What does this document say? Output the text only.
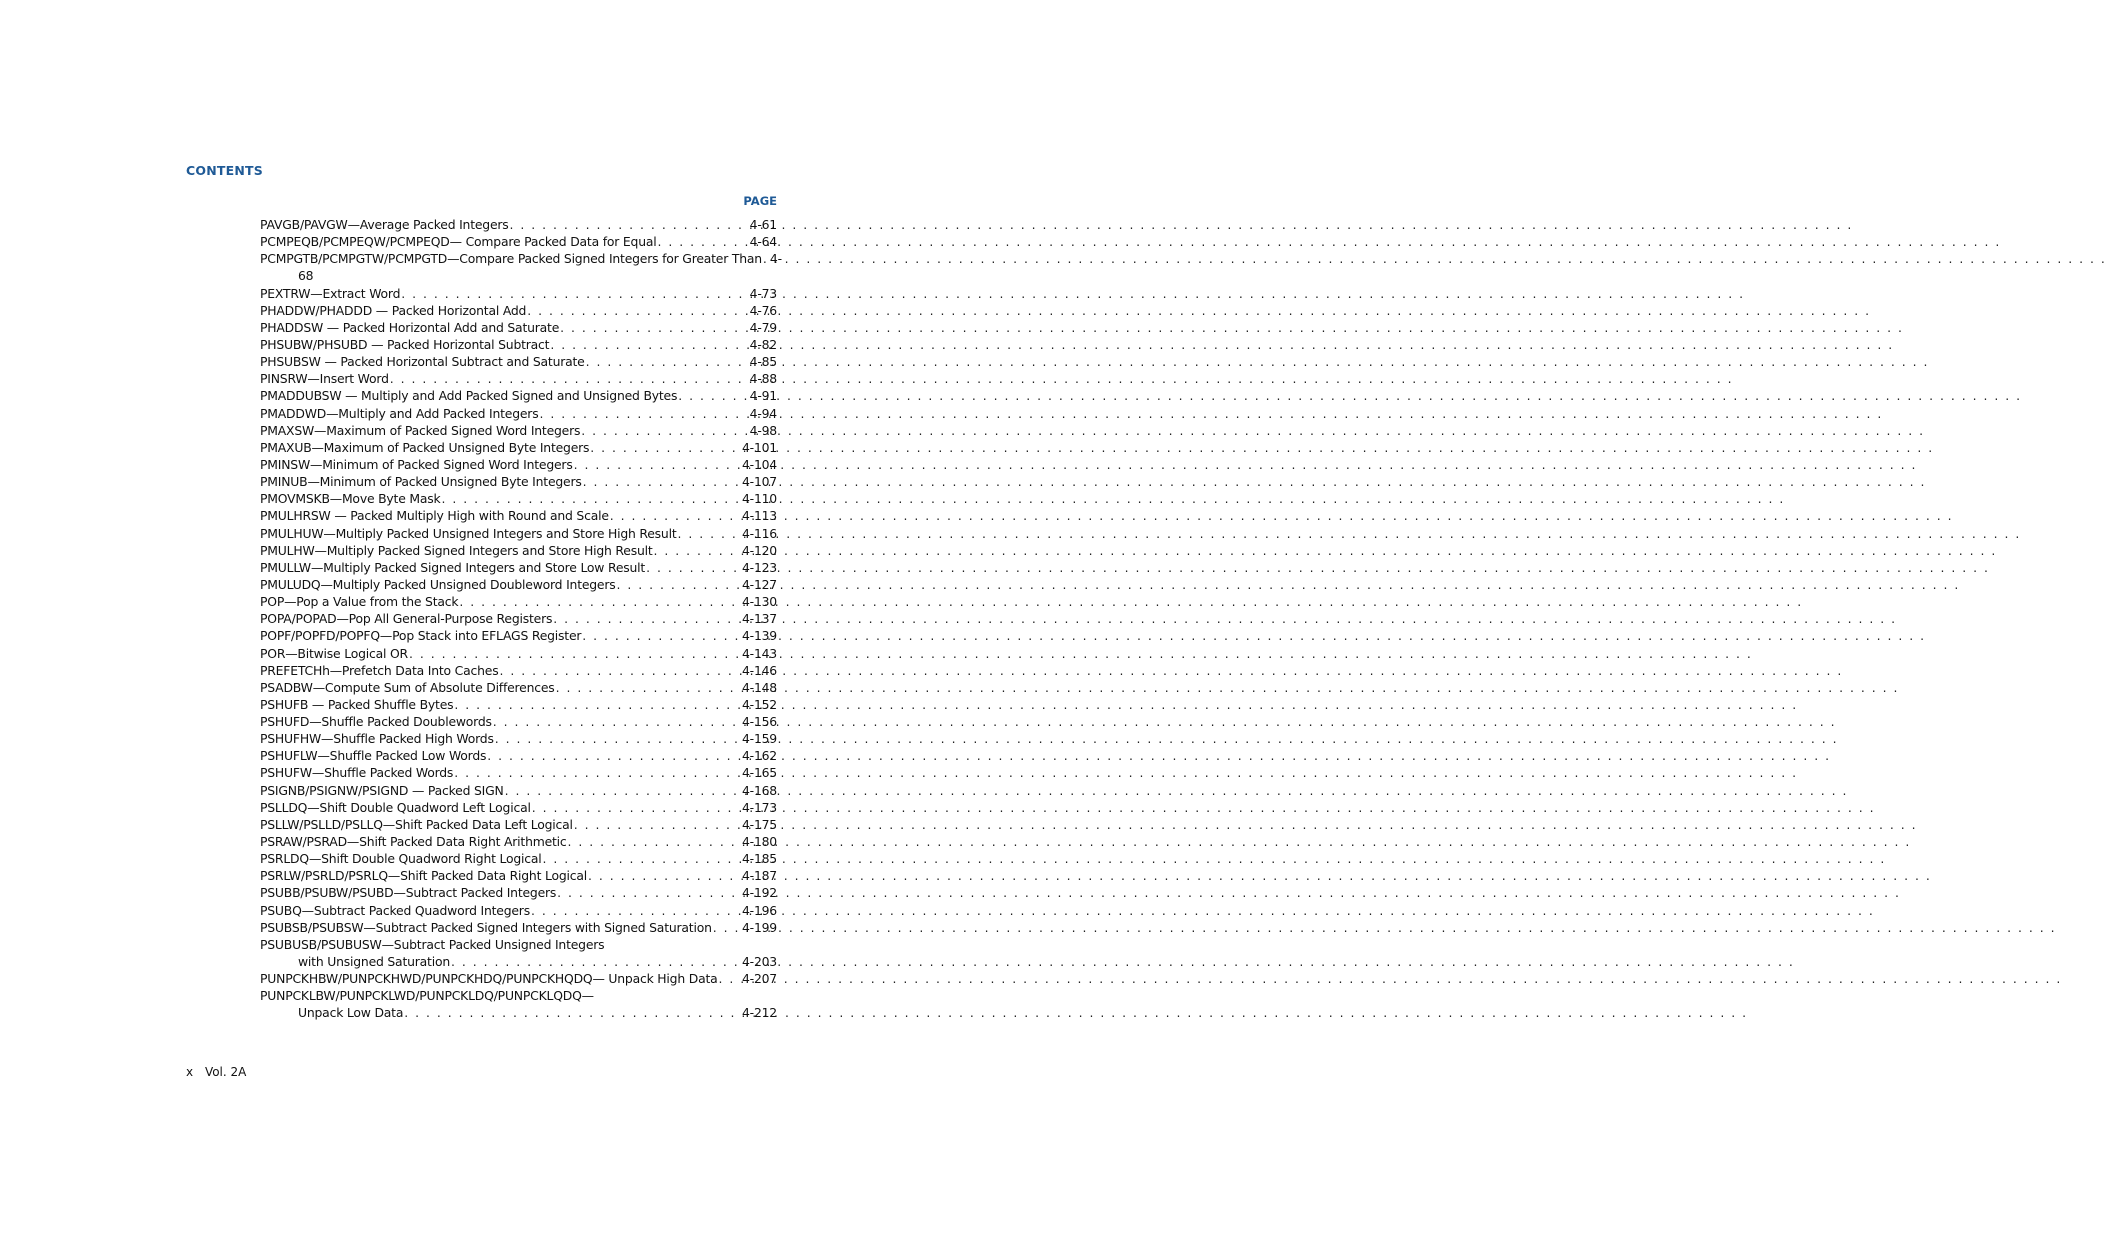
CONTENTS
PAGE
PAVGB/PAVGW—Average Packed Integers . . .	4-61
PCMPEQB/PCMPEQW/PCMPEQD— Compare Packed Data for Equal . . .	4-64
PCMPGTB/PCMPGTW/PCMPGTD—Compare Packed Signed Integers for Greater Than . . . 4-
68
PEXTRW—Extract Word . . .	4-73
PHADDW/PHADDD — Packed Horizontal Add . . .	4-76
PHADDSW — Packed Horizontal Add and Saturate . . .	4-79
PHSUBW/PHSUBD — Packed Horizontal Subtract . . .	4-82
PHSUBSW — Packed Horizontal Subtract and Saturate . . .	4-85
PINSRW—Insert Word . . .	4-88
PMADDUBSW — Multiply and Add Packed Signed and Unsigned Bytes . . .	4-91
PMADDWD—Multiply and Add Packed Integers . . .	4-94
PMAXSW—Maximum of Packed Signed Word Integers . . .	4-98
PMAXUB—Maximum of Packed Unsigned Byte Integers . . .	4-101
PMINSW—Minimum of Packed Signed Word Integers . . .	4-104
PMINUB—Minimum of Packed Unsigned Byte Integers . . .	4-107
PMOVMSKB—Move Byte Mask . . .	4-110
PMULHRSW — Packed Multiply High with Round and Scale . . .	4-113
PMULHUW—Multiply Packed Unsigned Integers and Store High Result . . .	4-116
PMULHW—Multiply Packed Signed Integers and Store High Result . . .	4-120
PMULLW—Multiply Packed Signed Integers and Store Low Result . . .	4-123
PMULUDQ—Multiply Packed Unsigned Doubleword Integers . . .	4-127
POP—Pop a Value from the Stack . . .	4-130
POPA/POPAD—Pop All General-Purpose Registers . . .	4-137
POPF/POPFD/POPFQ—Pop Stack into EFLAGS Register . . .	4-139
POR—Bitwise Logical OR . . .	4-143
PREFETCHh—Prefetch Data Into Caches . . .	4-146
PSADBW—Compute Sum of Absolute Differences . . .	4-148
PSHUFB — Packed Shuffle Bytes . . .	4-152
PSHUFD—Shuffle Packed Doublewords . . .	4-156
PSHUFHW—Shuffle Packed High Words . . .	4-159
PSHUFLW—Shuffle Packed Low Words . . .	4-162
PSHUFW—Shuffle Packed Words . . .	4-165
PSIGNB/PSIGNW/PSIGND — Packed SIGN . . .	4-168
PSLLDQ—Shift Double Quadword Left Logical . . .	4-173
PSLLW/PSLLD/PSLLQ—Shift Packed Data Left Logical . . .	4-175
PSRAW/PSRAD—Shift Packed Data Right Arithmetic . . .	4-180
PSRLDQ—Shift Double Quadword Right Logical . . .	4-185
PSRLW/PSRLD/PSRLQ—Shift Packed Data Right Logical . . .	4-187
PSUBB/PSUBW/PSUBD—Subtract Packed Integers . . .	4-192
PSUBQ—Subtract Packed Quadword Integers . . .	4-196
PSUBSB/PSUBSW—Subtract Packed Signed Integers with Signed Saturation . . . 4-199
PSUBUSB/PSUBUSW—Subtract Packed Unsigned Integers
with Unsigned Saturation . . .	4-203
PUNPCKHBW/PUNPCKHWD/PUNPCKHDQ/PUNPCKHQDQ— Unpack High Data . . . 4-207
PUNPCKLBW/PUNPCKLWD/PUNPCKLDQ/PUNPCKLQDQ—
Unpack Low Data . . .	4-212
x Vol. 2A
